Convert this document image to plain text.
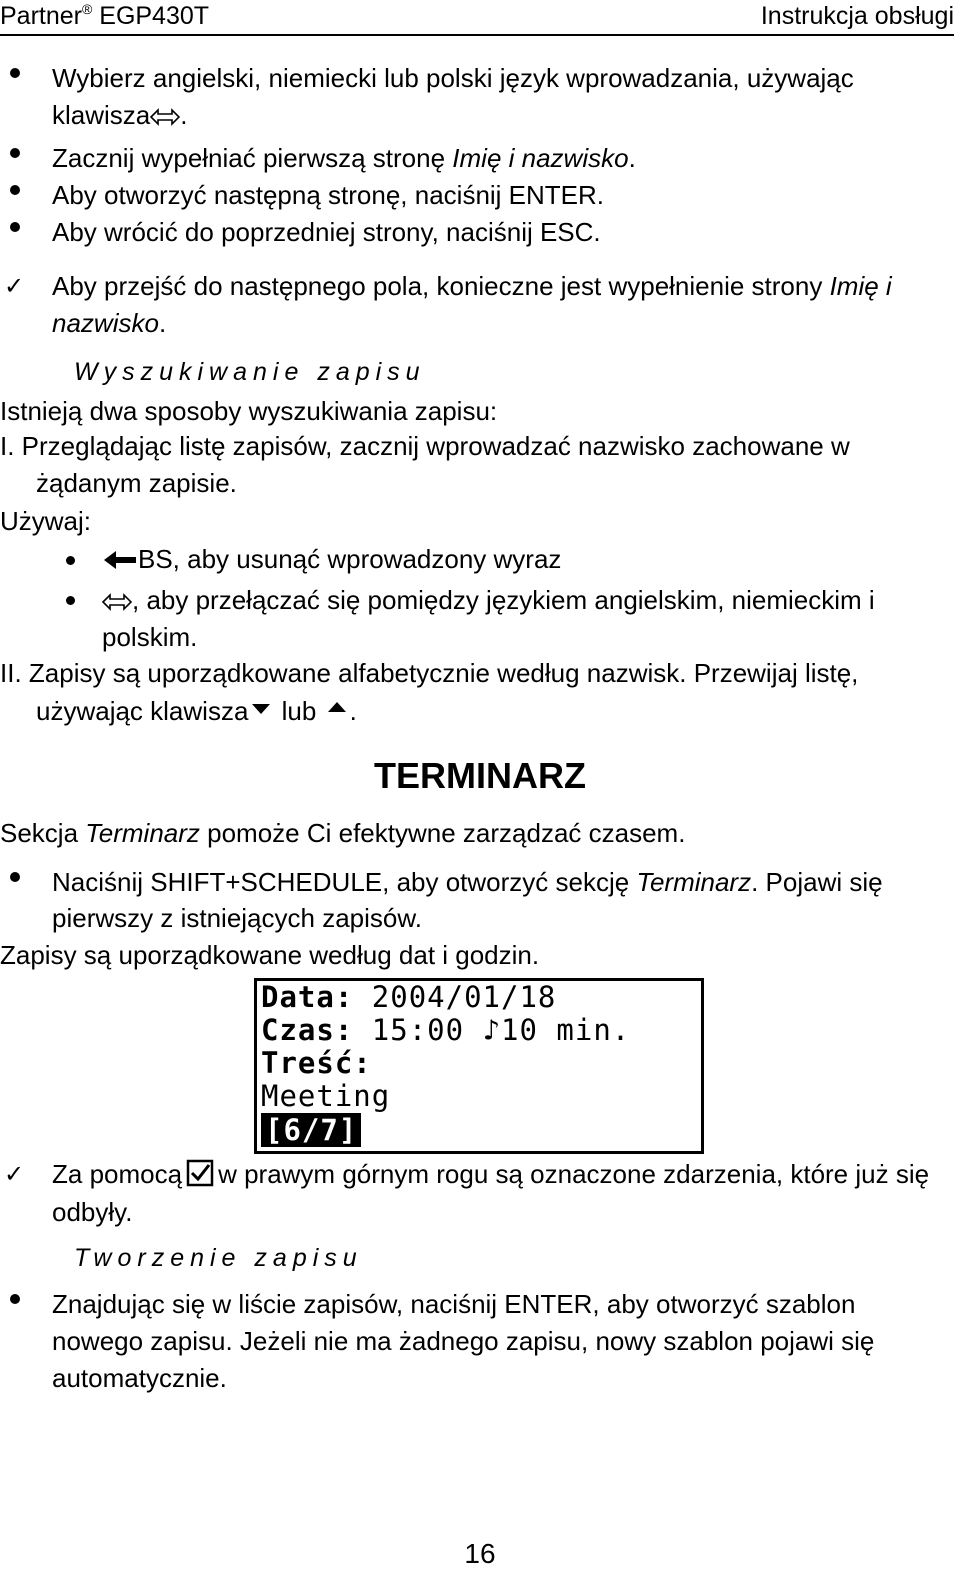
Partner® EGP430T	Instrukcja obsługi
Wybierz angielski, niemiecki lub polski język wprowadzania, używając
klawisza .
Zacznij wypełniać pierwszą stronę Imię i nazwisko.
Aby otworzyć następną stronę, naciśnij ENTER.
Aby wrócić do poprzedniej strony, naciśnij ESC.
✓ Aby przejść do następnego pola, konieczne jest wypełnienie strony Imię i
nazwisko.
Wyszukiwanie zapisu
Istnieją dwa sposoby wyszukiwania zapisu:
I. Przeglądając listę zapisów, zacznij wprowadzać nazwisko zachowane w
żądanym zapisie.
Używaj:
BS, aby usunąć wprowadzony wyraz
, aby przełączać się pomiędzy językiem angielskim, niemieckim i
polskim.
II. Zapisy są uporządkowane alfabetycznie według nazwisk. Przewijaj listę,
używając klawisza lub .
TERMINARZ
Sekcja Terminarz pomoże Ci efektywne zarządzać czasem.
Naciśnij SHIFT+SCHEDULE, aby otworzyć sekcję Terminarz. Pojawi się
pierwszy z istniejących zapisów.
Zapisy są uporządkowane według dat i godzin.
Data: 2004/01/18
Czas: 15:00 ♪10 min.
Treść:
Meeting
[6/7]
✓ Za pomocą w prawym górnym rogu są oznaczone zdarzenia, które już się
odbyły.
Tworzenie zapisu
Znajdując się w liście zapisów, naciśnij ENTER, aby otworzyć szablon
nowego zapisu. Jeżeli nie ma żadnego zapisu, nowy szablon pojawi się
automatycznie.
16
